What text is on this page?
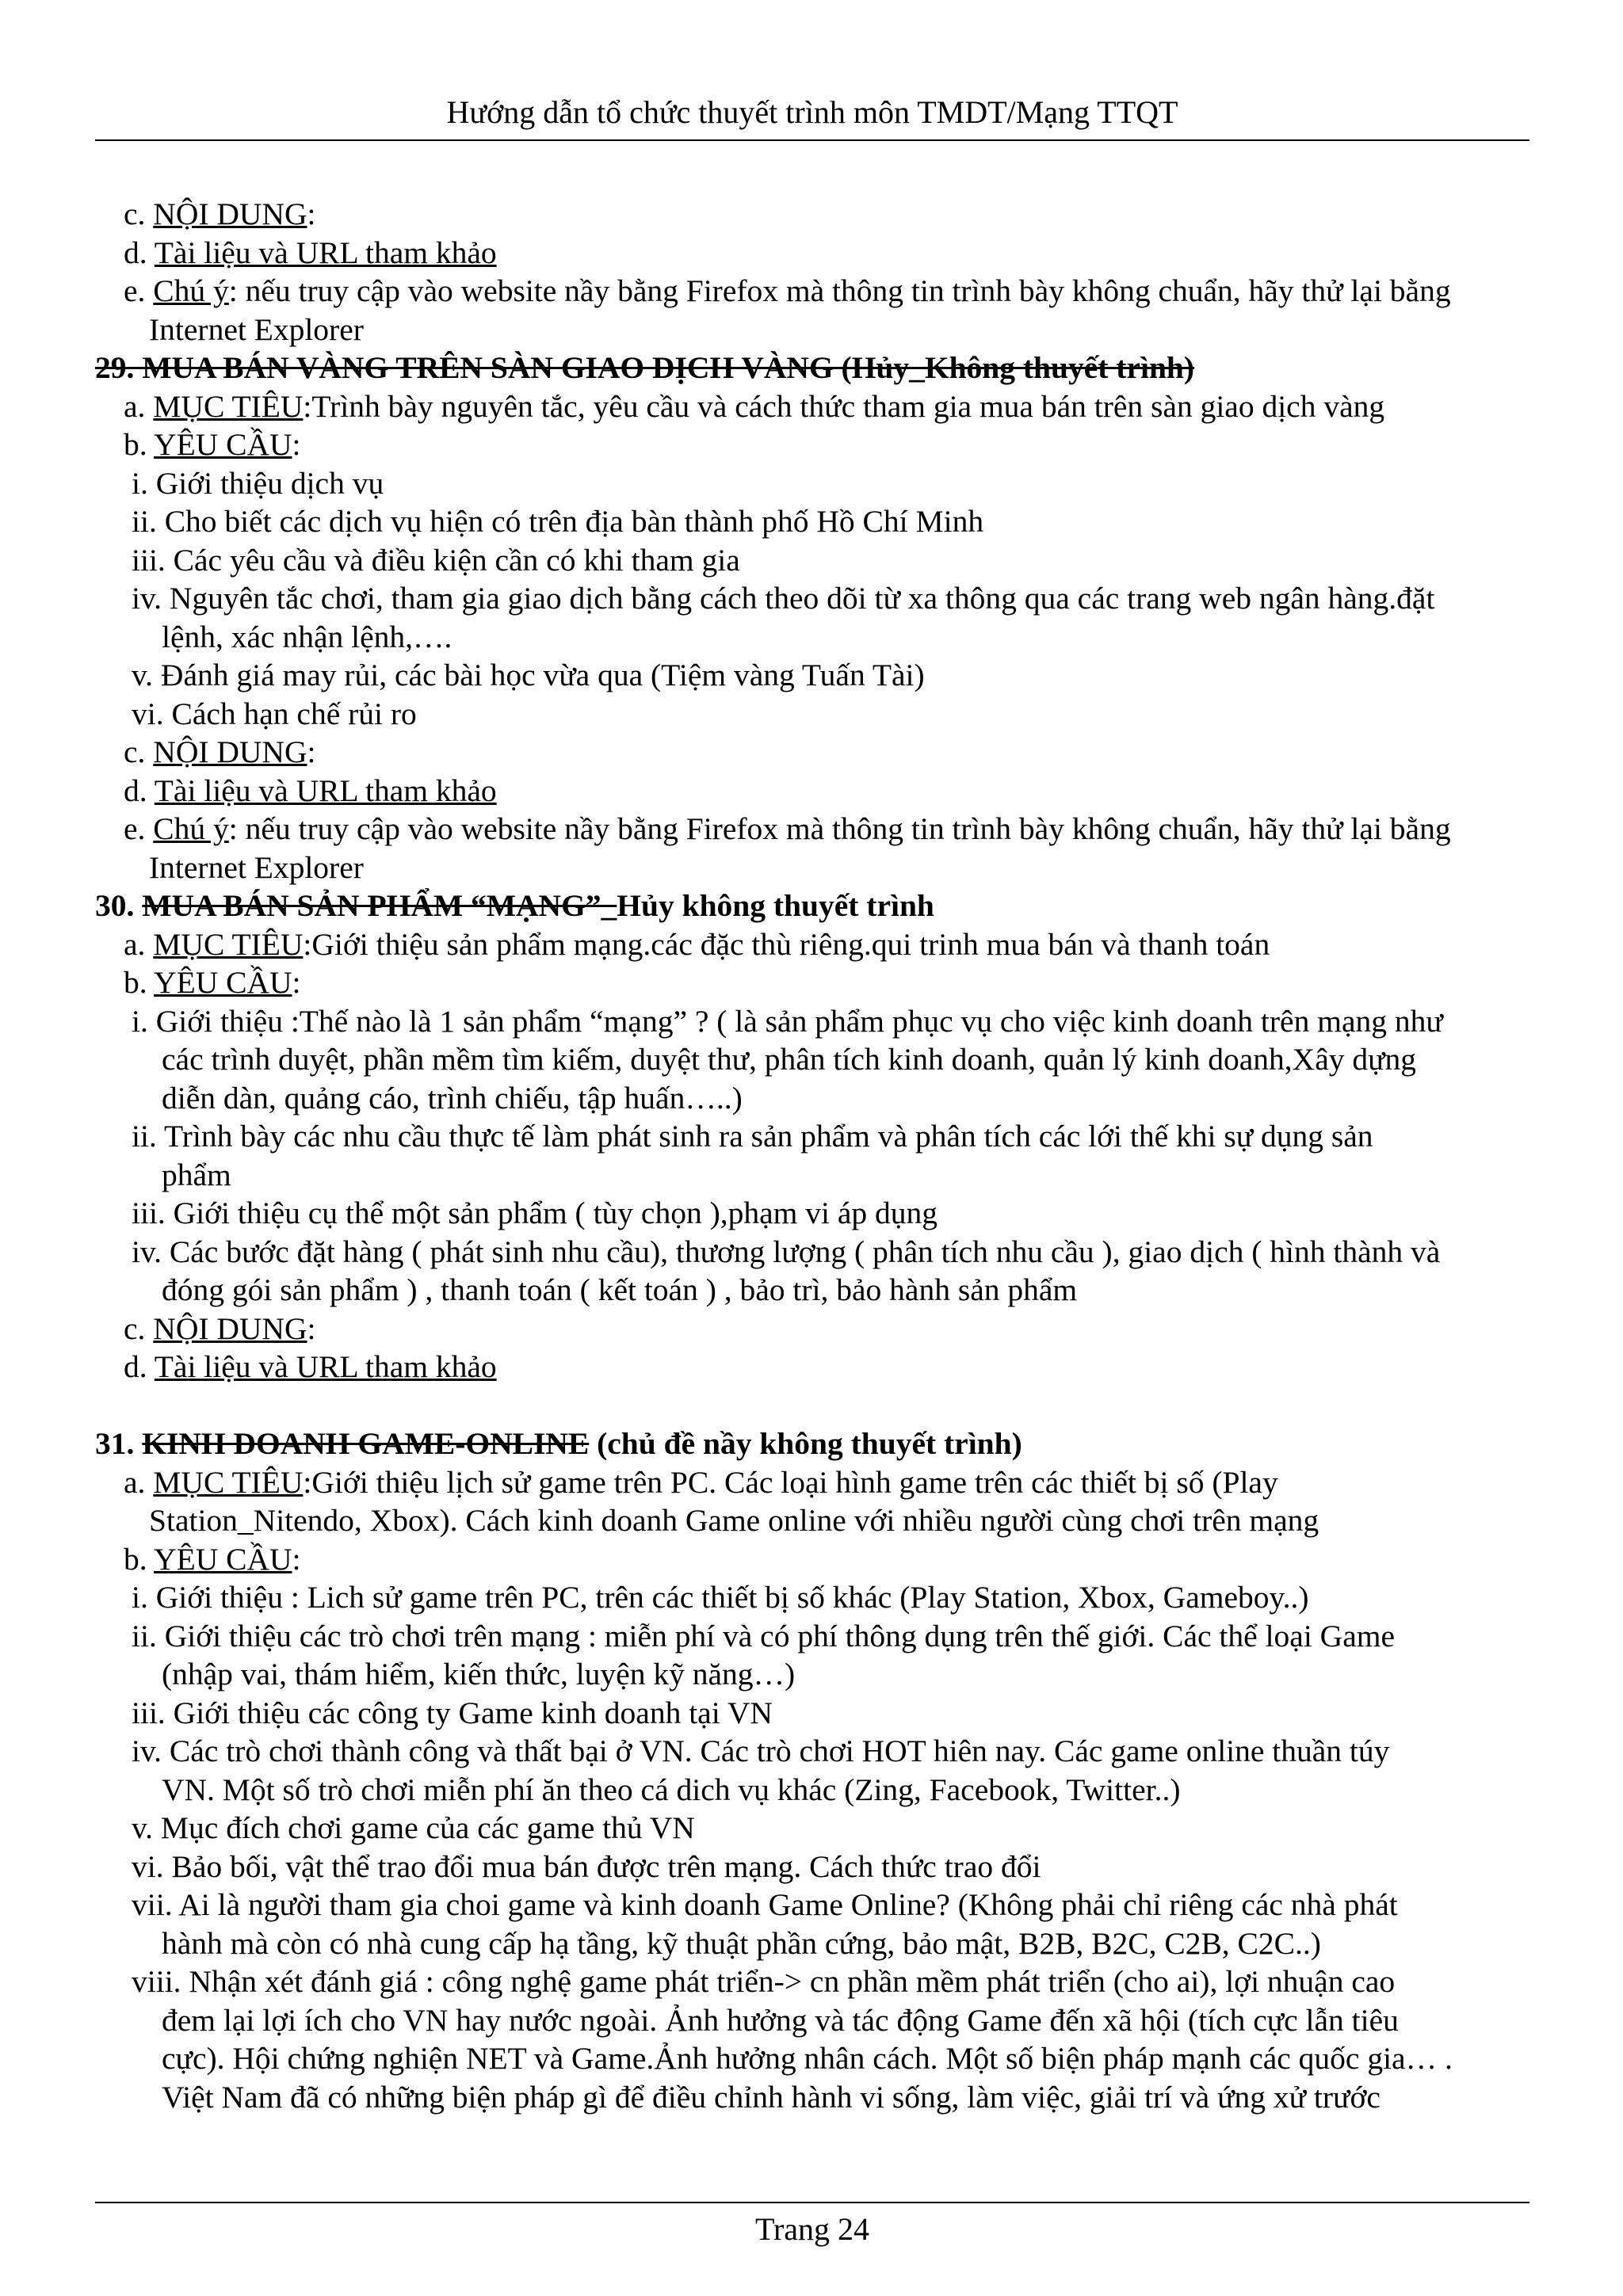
Hướng dẫn tổ chức thuyết trình môn TMDT/Mạng TTQT
c. NỘI DUNG:
d. Tài liệu và URL tham khảo
e. Chú ý: nếu truy cập vào website nầy bằng Firefox mà thông tin trình bày không chuẩn, hãy thử lại bằng
Internet Explorer
29. MUA BÁN VÀNG TRÊN SÀN GIAO DỊCH VÀNG (Hủy_Không thuyết trình)
a. MỤC TIÊU:Trình bày nguyên tắc, yêu cầu và cách thức tham gia mua bán trên sàn giao dịch vàng
b. YÊU CẦU:
i. Giới thiệu dịch vụ
ii. Cho biết các dịch vụ hiện có trên địa bàn thành phố Hồ Chí Minh
iii. Các yêu cầu và điều kiện cần có khi tham gia
iv. Nguyên tắc chơi, tham gia giao dịch bằng cách theo dõi từ xa thông qua các trang web ngân hàng.đặt
lệnh, xác nhận lệnh,….
v. Đánh giá may rủi, các bài học vừa qua (Tiệm vàng Tuấn Tài)
vi. Cách hạn chế rủi ro
c. NỘI DUNG:
d. Tài liệu và URL tham khảo
e. Chú ý: nếu truy cập vào website nầy bằng Firefox mà thông tin trình bày không chuẩn, hãy thử lại bằng
Internet Explorer
30. MUA BÁN SẢN PHẨM “MẠNG”_Hủy không thuyết trình
a. MỤC TIÊU:Giới thiệu sản phẩm mạng.các đặc thù riêng.qui trinh mua bán và thanh toán
b. YÊU CẦU:
i. Giới thiệu :Thế nào là 1 sản phẩm “mạng” ? ( là sản phẩm phục vụ cho việc kinh doanh trên mạng như
các trình duyệt, phần mềm tìm kiếm, duyệt thư, phân tích kinh doanh, quản lý kinh doanh,Xây dựng
diễn dàn, quảng cáo, trình chiếu, tập huấn…..)
ii. Trình bày các nhu cầu thực tế làm phát sinh ra sản phẩm và phân tích các lới thế khi sự dụng sản
phẩm
iii. Giới thiệu cụ thể một sản phẩm ( tùy chọn ),phạm vi áp dụng
iv. Các bước đặt hàng ( phát sinh nhu cầu), thương lượng ( phân tích nhu cầu ), giao dịch ( hình thành và
đóng gói sản phẩm ) , thanh toán ( kết toán ) , bảo trì, bảo hành sản phẩm
c. NỘI DUNG:
d. Tài liệu và URL tham khảo
31. KINH DOANH GAME-ONLINE (chủ đề nầy không thuyết trình)
a. MỤC TIÊU:Giới thiệu lịch sử game trên PC. Các loại hình game trên các thiết bị số (Play
Station_Nitendo, Xbox). Cách kinh doanh Game online với nhiều người cùng chơi trên mạng
b. YÊU CẦU:
i. Giới thiệu : Lich sử game trên PC, trên các thiết bị số khác (Play Station, Xbox, Gameboy..)
ii. Giới thiệu các trò chơi trên mạng : miễn phí và có phí thông dụng trên thế giới. Các thể loại Game
(nhập vai, thám hiểm, kiến thức, luyện kỹ năng…)
iii. Giới thiệu các công ty Game kinh doanh tại VN
iv. Các trò chơi thành công và thất bại ở VN. Các trò chơi HOT hiên nay. Các game online thuần túy
VN. Một số trò chơi miễn phí ăn theo cá dich vụ khác (Zing, Facebook, Twitter..)
v. Mục đích chơi game của các game thủ VN
vi. Bảo bối, vật thể trao đổi mua bán được trên mạng. Cách thức trao đổi
vii. Ai là người tham gia choi game và kinh doanh Game Online? (Không phải chỉ riêng các nhà phát
hành mà còn có nhà cung cấp hạ tầng, kỹ thuật phần cứng, bảo mật, B2B, B2C, C2B, C2C..)
viii. Nhận xét đánh giá : công nghệ game phát triển-> cn phần mềm phát triển (cho ai), lợi nhuận cao
đem lại lợi ích cho VN hay nước ngoài. Ảnh hưởng và tác động Game đến xã hội (tích cực lẫn tiêu
cực). Hội chứng nghiện NET và Game.Ảnh hưởng nhân cách. Một số biện pháp mạnh các quốc gia… .
Việt Nam đã có những biện pháp gì để điều chỉnh hành vi sống, làm việc, giải trí và ứng xử trước
Trang 24
